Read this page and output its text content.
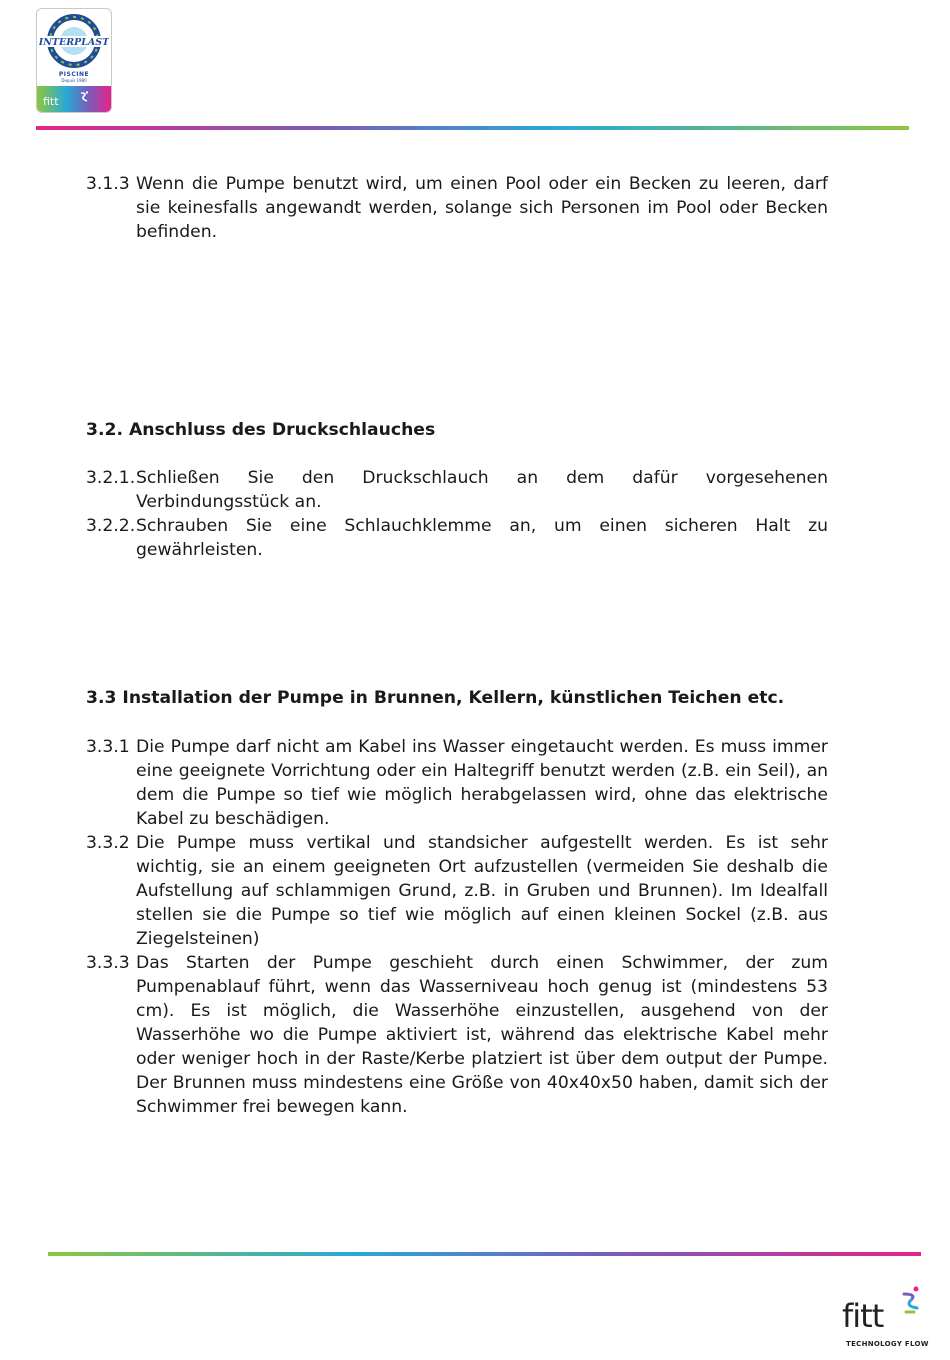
INTERPLAST
PISCINE
Depuis 1980
fitt
3.1.3 Wenn die Pumpe benutzt wird, um einen Pool oder ein Becken zu leeren, darf sie keinesfalls angewandt werden, solange sich Personen im Pool oder Becken befinden.
3.2. Anschluss des Druckschlauches
3.2.1. Schließen Sie den Druckschlauch an dem dafür vorgesehenen Verbindungsstück an.
3.2.2. Schrauben Sie eine Schlauchklemme an, um einen sicheren Halt zu gewährleisten.
3.3 Installation der Pumpe in Brunnen, Kellern, künstlichen Teichen etc.
3.3.1 Die Pumpe darf nicht am Kabel ins Wasser eingetaucht werden. Es muss immer eine geeignete Vorrichtung oder ein Haltegriff benutzt werden (z.B. ein Seil), an dem die Pumpe so tief wie möglich herabgelassen wird, ohne das elektrische Kabel zu beschädigen.
3.3.2 Die Pumpe muss vertikal und standsicher aufgestellt werden. Es ist sehr wichtig, sie an einem geeigneten Ort aufzustellen (vermeiden Sie deshalb die Aufstellung auf schlammigen Grund, z.B. in Gruben und Brunnen). Im Idealfall stellen sie die Pumpe so tief wie möglich auf einen kleinen Sockel (z.B. aus Ziegelsteinen)
3.3.3 Das Starten der Pumpe geschieht durch einen Schwimmer, der zum Pumpenablauf führt, wenn das Wasserniveau hoch genug ist (mindestens 53 cm). Es ist möglich, die Wasserhöhe einzustellen, ausgehend von der Wasserhöhe wo die Pumpe aktiviert ist, während das elektrische Kabel mehr oder weniger hoch in der Raste/Kerbe platziert ist über dem output der Pumpe. Der Brunnen muss mindestens eine Größe von 40x40x50 haben, damit sich der Schwimmer frei bewegen kann.
fitt
TECHNOLOGY FLOW
